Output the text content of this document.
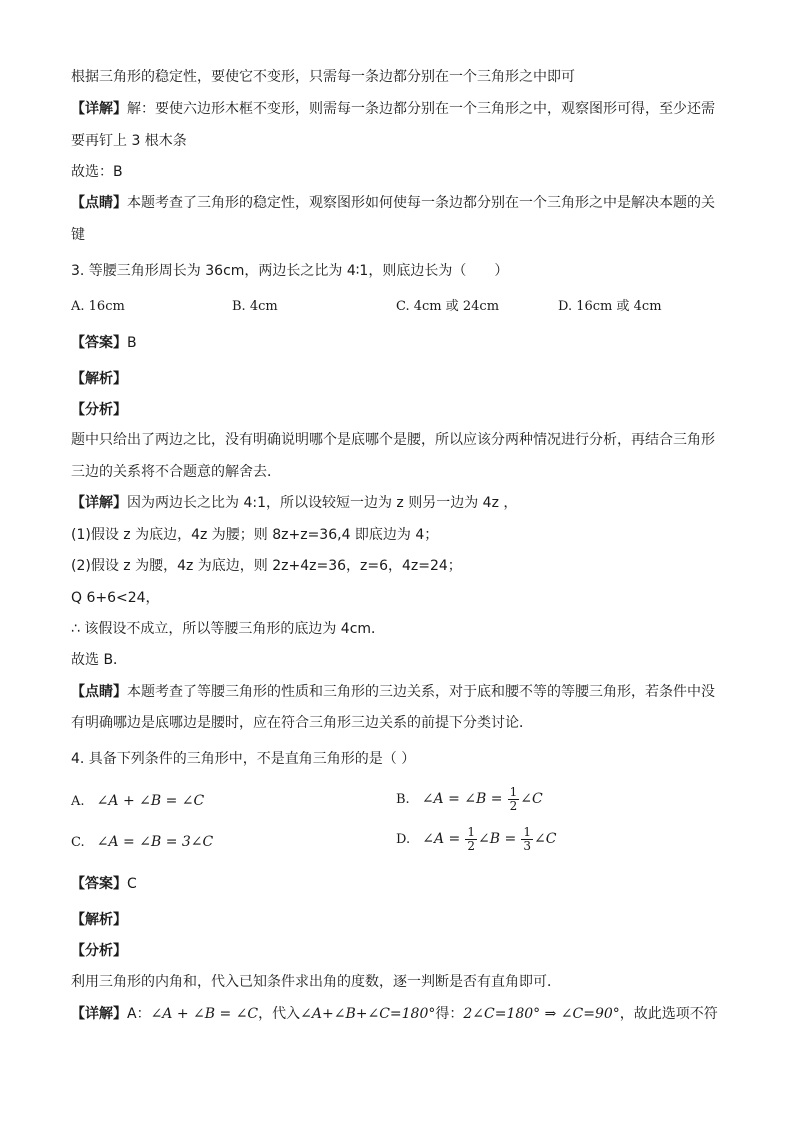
根据三角形的稳定性，要使它不变形，只需每一条边都分别在一个三角形之中即可
【详解】解：要使六边形木框不变形，则需每一条边都分别在一个三角形之中，观察图形可得，至少还需
要再钉上 3 根木条
故选：B
【点睛】本题考查了三角形的稳定性，观察图形如何使每一条边都分别在一个三角形之中是解决本题的关
键
3. 等腰三角形周长为 36cm，两边长之比为 4∶1，则底边长为（　　）
A. 16cm	B. 4cm	C. 4cm 或 24cm	D. 16cm 或 4cm
【答案】B
【解析】
【分析】
题中只给出了两边之比，没有明确说明哪个是底哪个是腰，所以应该分两种情况进行分析，再结合三角形
三边的关系将不合题意的解舍去．
【详解】因为两边长之比为 4:1，所以设较短一边为 z 则另一边为 4z ，
(1)假设 z 为底边，4z 为腰；则 8z+z=36,4 即底边为 4；
(2)假设 z 为腰，4z 为底边，则 2z+4z=36，z=6，4z=24；
Q 6+6<24，
∴ 该假设不成立，所以等腰三角形的底边为 4cm．
故选 B．
【点睛】本题考查了等腰三角形的性质和三角形的三边关系，对于底和腰不等的等腰三角形，若条件中没
有明确哪边是底哪边是腰时，应在符合三角形三边关系的前提下分类讨论．
4. 具备下列条件的三角形中，不是直角三角形的是（ ）
A. ∠A + ∠B = ∠C	B. ∠A = ∠B = $\frac{1}{2}$ ∠C
C. ∠A = ∠B = 3∠C	D. ∠A = $\frac{1}{2}$ ∠B = $\frac{1}{3}$ ∠C
【答案】C
【解析】
【分析】
利用三角形的内角和，代入已知条件求出角的度数，逐一判断是否有直角即可．
【详解】A：∠A + ∠B = ∠C，代入∠A+∠B+∠C=180°得：2∠C=180° ⇒ ∠C=90°，故此选项不符
